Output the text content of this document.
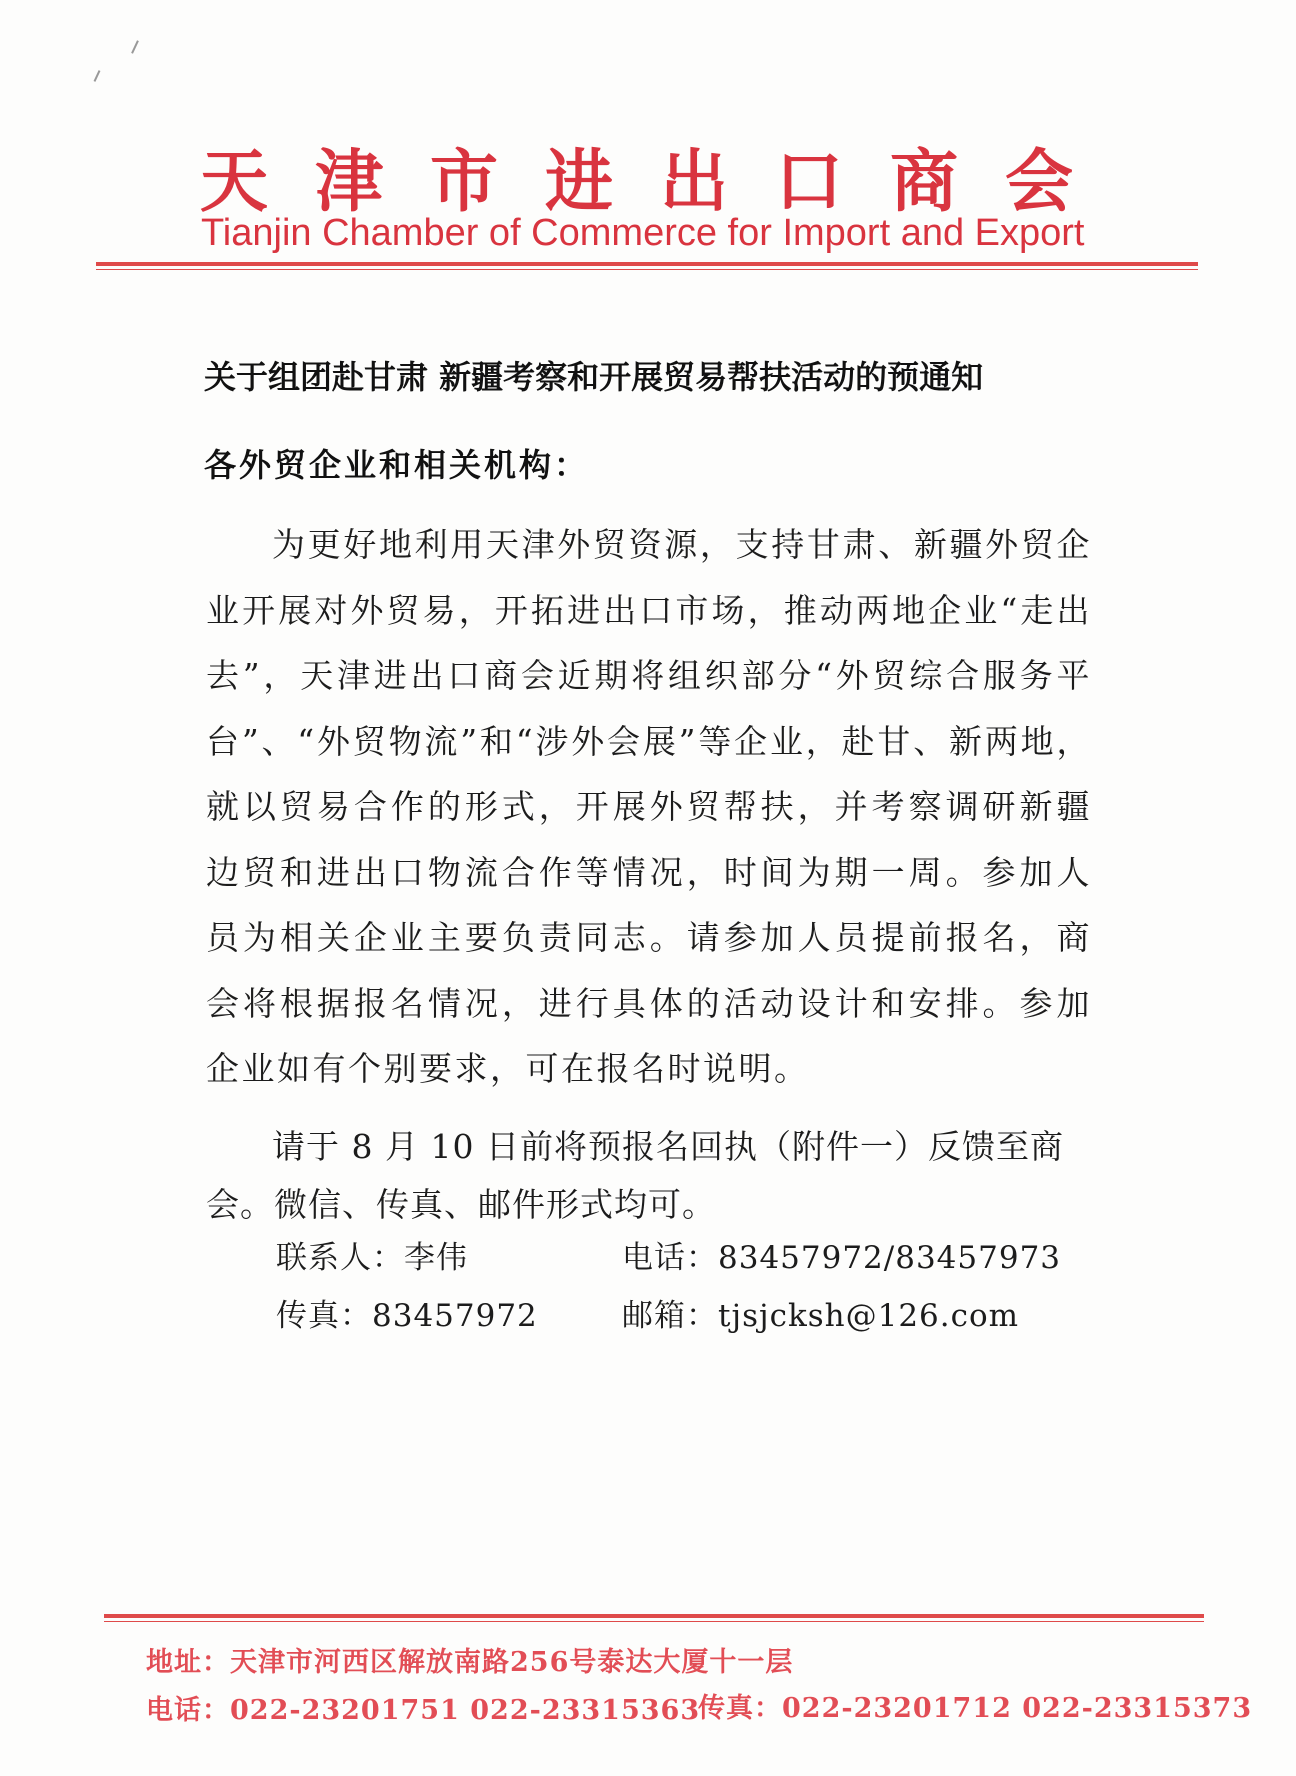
天津市进出口商会
Tianjin Chamber of Commerce for Import and Export
关于组团赴甘肃 新疆考察和开展贸易帮扶活动的预通知
各外贸企业和相关机构：

为更好地利用天津外贸资源，支持甘肃、新疆外贸企业开展对外贸易，开拓进出口市场，推动两地企业“走出去”，天津进出口商会近期将组织部分“外贸综合服务平台”、“外贸物流”和“涉外会展”等企业，赴甘、新两地，就以贸易合作的形式，开展外贸帮扶，并考察调研新疆边贸和进出口物流合作等情况，时间为期一周。参加人员为相关企业主要负责同志。请参加人员提前报名，商会将根据报名情况，进行具体的活动设计和安排。参加企业如有个别要求，可在报名时说明。

请于 8 月 10 日前将预报名回执（附件一）反馈至商会。微信、传真、邮件形式均可。

联系人：李伟	电话：83457972/83457973
传真：83457972	邮箱：tjsjcksh@126.com
地址：天津市河西区解放南路256号泰达大厦十一层
电话：022-23201751 022-23315363
传真：022-23201712 022-23315373
